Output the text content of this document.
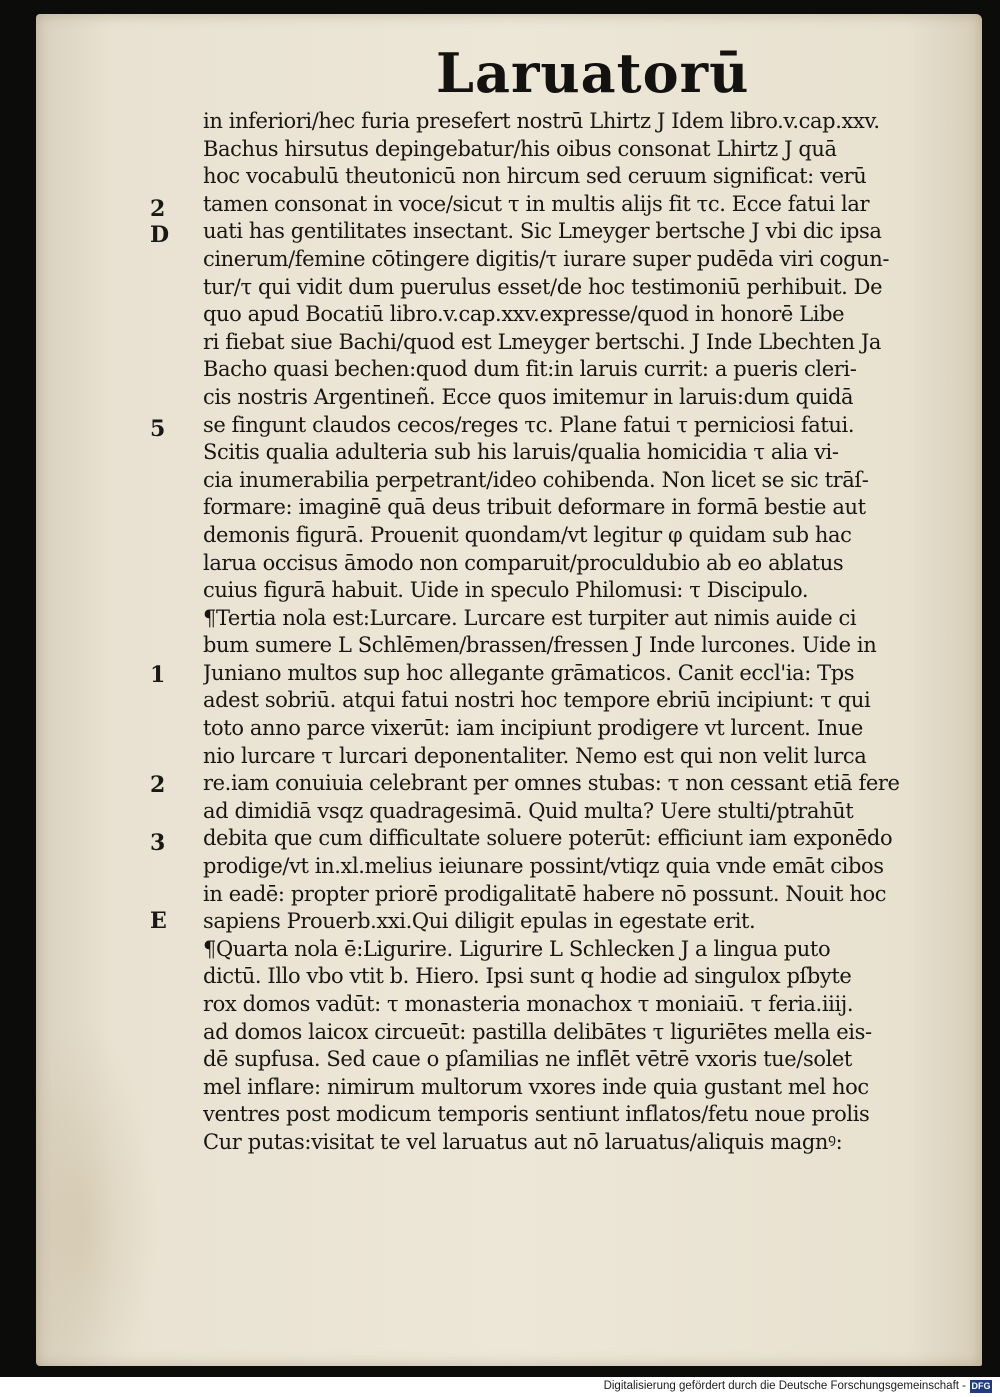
Laruatorū
in inferiori/hec furia presefert nostrū Lhirtz J Idem libro.v.cap.xxv.
Bachus hirsutus depingebatur/his oibus consonat Lhirtz J quā
hoc vocabulū theutonicū non hircum sed ceruum significat: verū
tamen consonat in voce/sicut τ in multis alijs fit τc. Ecce fatui lar
uati has gentilitates insectant. Sic Lmeyger bertsche J vbi dic ipsa
cinerum/femine cōtingere digitis/τ iurare super pudēda viri cogun-
tur/τ qui vidit dum puerulus esset/de hoc testimoniū perhibuit. De
quo apud Bocatiū libro.v.cap.xxv.expresse/quod in honorē Libe
ri fiebat siue Bachi/quod est Lmeyger bertschi. J Inde Lbechten Ja
Bacho quasi bechen:quod dum fit:in laruis currit: a pueris cleri-
cis nostris Argentineñ. Ecce quos imitemur in laruis:dum quidā
se fingunt claudos cecos/reges τc. Plane fatui τ perniciosi fatui.
Scitis qualia adulteria sub his laruis/qualia homicidia τ alia vi-
cia inumerabilia perpetrant/ideo cohibenda. Non licet se sic trāſ-
formare: imaginē quā deus tribuit deformare in formā bestie aut
demonis figurā. Prouenit quondam/vt legitur φ quidam sub hac
larua occisus āmodo non comparuit/proculdubio ab eo ablatus
cuius figurā habuit. Uide in speculo Philomusi: τ Discipulo.
¶Tertia nola est:Lurcare. Lurcare est turpiter aut nimis auide ci
bum sumere L Schlēmen/brassen/fressen J Inde lurcones. Uide in
Juniano multos sup hoc allegante grāmaticos. Canit eccl'ia: Tps
adest sobriū. atqui fatui nostri hoc tempore ebriū incipiunt: τ qui
toto anno parce vixerūt: iam incipiunt prodigere vt lurcent. Inue
nio lurcare τ lurcari deponentaliter. Nemo est qui non velit lurca
re.iam conuiuia celebrant per omnes stubas: τ non cessant etiā fere
ad dimidiā vsqz quadragesimā. Quid multa? Uere stulti/ptrahūt
debita que cum difficultate soluere poterūt: efficiunt iam exponēdo
prodige/vt in.xl.melius ieiunare possint/vtiqz quia vnde emāt cibos
in eadē: propter priorē prodigalitatē habere nō possunt. Nouit hoc
sapiens Prouerb.xxi.Qui diligit epulas in egestate erit.
¶Quarta nola ē:Ligurire. Ligurire L Schlecken J a lingua puto
dictū. Illo vbo vtit b. Hiero. Ipsi sunt q hodie ad singulox pſbyte
rox domos vadūt: τ monasteria monachox τ moniaiū. τ feria.iiij.
ad domos laicox circueūt: pastilla delibātes τ liguriētes mella eis-
dē supfusa. Sed caue o pſamilias ne inflēt vētrē vxoris tue/solet
mel inflare: nimirum multorum vxores inde quia gustant mel hoc
ventres post modicum temporis sentiunt inflatos/fetu noue prolis
Cur putas:visitat te vel laruatus aut nō laruatus/aliquis magnꝰ:
2
D
5
1
2
3
E
Digitalisierung gefördert durch die Deutsche Forschungsgemeinschaft - DFG
